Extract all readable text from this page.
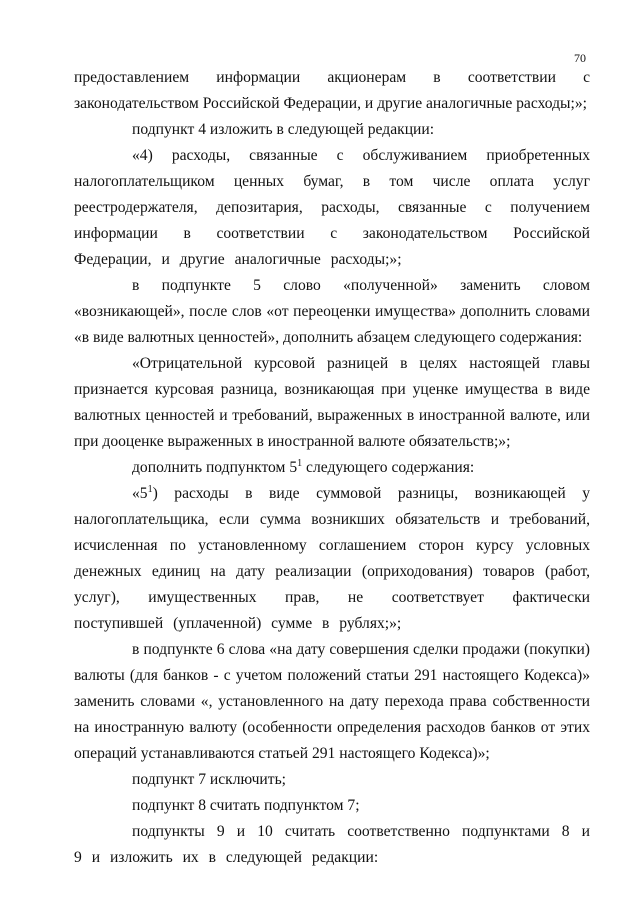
70

предоставлением информации акционерам в соответствии с законодательством Российской Федерации, и другие аналогичные расходы;»;

подпункт 4 изложить в следующей редакции:

«4) расходы, связанные с обслуживанием приобретенных налогоплательщиком ценных бумаг, в том числе оплата услуг реестродержателя, депозитария, расходы, связанные с получением информации в соответствии с законодательством Российской Федерации, и другие аналогичные расходы;»;

в подпункте 5 слово «полученной» заменить словом «возникающей», после слов «от переоценки имущества» дополнить словами «в виде валютных ценностей», дополнить абзацем следующего содержания:

«Отрицательной курсовой разницей в целях настоящей главы признается курсовая разница, возникающая при уценке имущества в виде валютных ценностей и требований, выраженных в иностранной валюте, или при дооценке выраженных в иностранной валюте обязательств;»;

дополнить подпунктом $5^1$ следующего содержания:

«$5^1$) расходы в виде суммовой разницы, возникающей у налогоплательщика, если сумма возникших обязательств и требований, исчисленная по установленному соглашением сторон курсу условных денежных единиц на дату реализации (оприходования) товаров (работ, услуг), имущественных прав, не соответствует фактически поступившей (уплаченной) сумме в рублях;»;

в подпункте 6 слова «на дату совершения сделки продажи (покупки) валюты (для банков - с учетом положений статьи 291 настоящего Кодекса)» заменить словами «, установленного на дату перехода права собственности на иностранную валюту (особенности определения расходов банков от этих операций устанавливаются статьей 291 настоящего Кодекса)»;

подпункт 7 исключить;

подпункт 8 считать подпунктом 7;

подпункты 9 и 10 считать соответственно подпунктами 8 и 9 и изложить их в следующей редакции:
